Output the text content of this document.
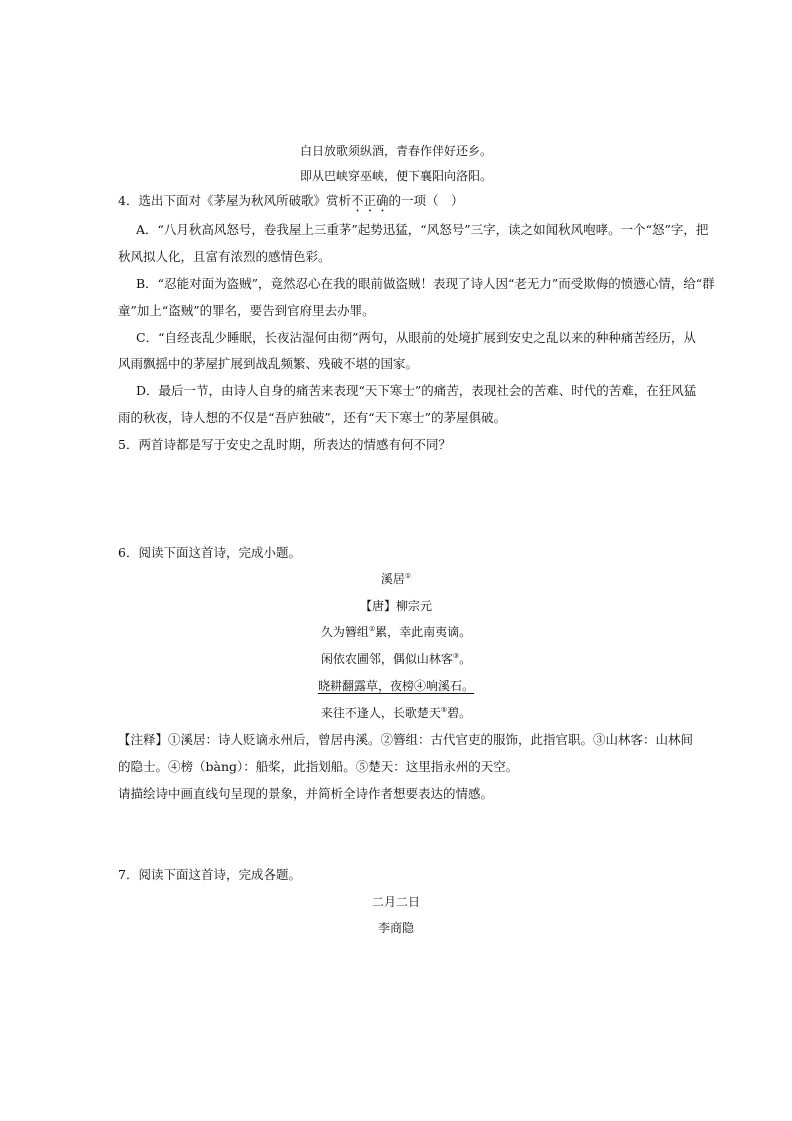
白日放歌须纵酒，青春作伴好还乡。
即从巴峡穿巫峡，便下襄阳向洛阳。
4．选出下面对《茅屋为秋风所破歌》赏析不正确的一项（　）
A．“八月秋高风怒号，卷我屋上三重茅”起势迅猛，“风怒号”三字，读之如闻秋风咆哮。一个“怒”字，把
秋风拟人化，且富有浓烈的感情色彩。
B．“忍能对面为盗贼”，竟然忍心在我的眼前做盗贼！表现了诗人因“老无力”而受欺侮的愤懑心情，给“群
童”加上“盗贼”的罪名，要告到官府里去办罪。
C．“自经丧乱少睡眠，长夜沾湿何由彻”两句，从眼前的处境扩展到安史之乱以来的种种痛苦经历，从
风雨飘摇中的茅屋扩展到战乱频繁、残破不堪的国家。
D．最后一节，由诗人自身的痛苦来表现“天下寒士”的痛苦，表现社会的苦难、时代的苦难，在狂风猛
雨的秋夜，诗人想的不仅是“吾庐独破”，还有“天下寒士”的茅屋俱破。
5．两首诗都是写于安史之乱时期，所表达的情感有何不同？
6．阅读下面这首诗，完成小题。
溪居①
【唐】柳宗元
久为簪组②累，幸此南夷谪。
闲依农圃邻，偶似山林客③。
晓耕翻露草，夜榜④响溪石。
来往不逢人，长歌楚天⑤碧。
【注释】①溪居：诗人贬谪永州后，曾居冉溪。②簪组：古代官吏的服饰，此指官职。③山林客：山林间
的隐士。④榜（bàng）：船桨，此指划船。⑤楚天：这里指永州的天空。
请描绘诗中画直线句呈现的景象，并简析全诗作者想要表达的情感。
7．阅读下面这首诗，完成各题。
二月二日
李商隐
